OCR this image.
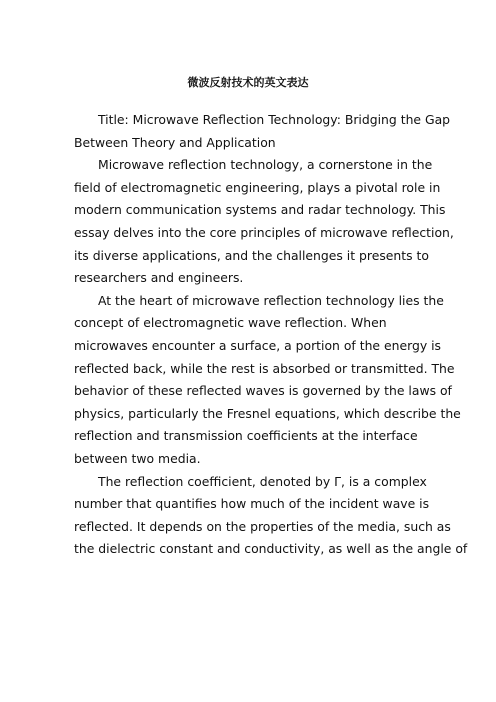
微波反射技术的英文表达

Title: Microwave Reflection Technology: Bridging the Gap
Between Theory and Application

Microwave reflection technology, a cornerstone in the
field of electromagnetic engineering, plays a pivotal role in
modern communication systems and radar technology. This
essay delves into the core principles of microwave reflection,
its diverse applications, and the challenges it presents to
researchers and engineers.

At the heart of microwave reflection technology lies the
concept of electromagnetic wave reflection. When
microwaves encounter a surface, a portion of the energy is
reflected back, while the rest is absorbed or transmitted. The
behavior of these reflected waves is governed by the laws of
physics, particularly the Fresnel equations, which describe the
reflection and transmission coefficients at the interface
between two media.

The reflection coefficient, denoted by Γ, is a complex
number that quantifies how much of the incident wave is
reflected. It depends on the properties of the media, such as
the dielectric constant and conductivity, as well as the angle of
